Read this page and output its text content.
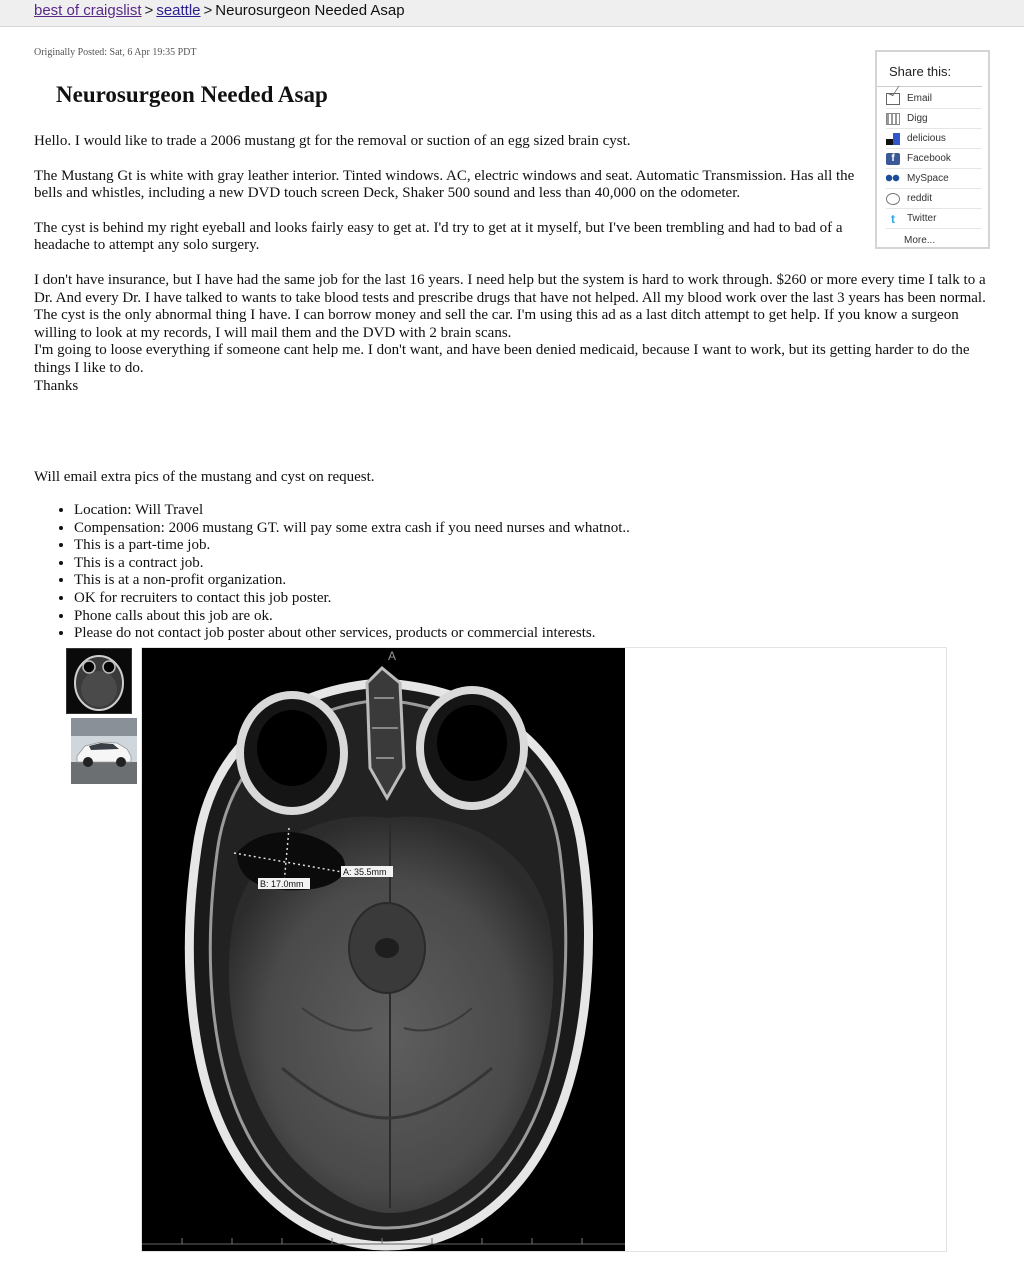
best of craigslist > seattle > Neurosurgeon Needed Asap
Originally Posted: Sat, 6 Apr 19:35 PDT
Neurosurgeon Needed Asap

Hello. I would like to trade a 2006 mustang gt for the removal or suction of an egg sized brain cyst.

The Mustang Gt is white with gray leather interior. Tinted windows. AC, electric windows and seat. Automatic Transmission. Has all the bells and whistles, including a new DVD touch screen Deck, Shaker 500 sound and less than 40,000 on the odometer.

The cyst is behind my right eyeball and looks fairly easy to get at. I'd try to get at it myself, but I've been trembling and had to bad of a headache to attempt any solo surgery.

I don't have insurance, but I have had the same job for the last 16 years. I need help but the system is hard to work through. $260 or more every time I talk to a Dr. And every Dr. I have talked to wants to take blood tests and prescribe drugs that have not helped. All my blood work over the last 3 years has been normal. The cyst is the only abnormal thing I have. I can borrow money and sell the car. I'm using this ad as a last ditch attempt to get help. If you know a surgeon willing to look at my records, I will mail them and the DVD with 2 brain scans.

I'm going to loose everything if someone cant help me. I don't want, and have been denied medicaid, because I want to work, but its getting harder to do the things I like to do.
Thanks
Will email extra pics of the mustang and cyst on request.
• Location: Will Travel
• Compensation: 2006 mustang GT. will pay some extra cash if you need nurses and whatnot..
• This is a part-time job.
• This is a contract job.
• This is at a non-profit organization.
• OK for recruiters to contact this job poster.
• Phone calls about this job are ok.
• Please do not contact job poster about other services, products or commercial interests.
Share this:
Email
Digg
delicious
f	Facebook
MySpace
reddit
t	Twitter
More...
A
A: 35.5mm
B: 17.0mm
